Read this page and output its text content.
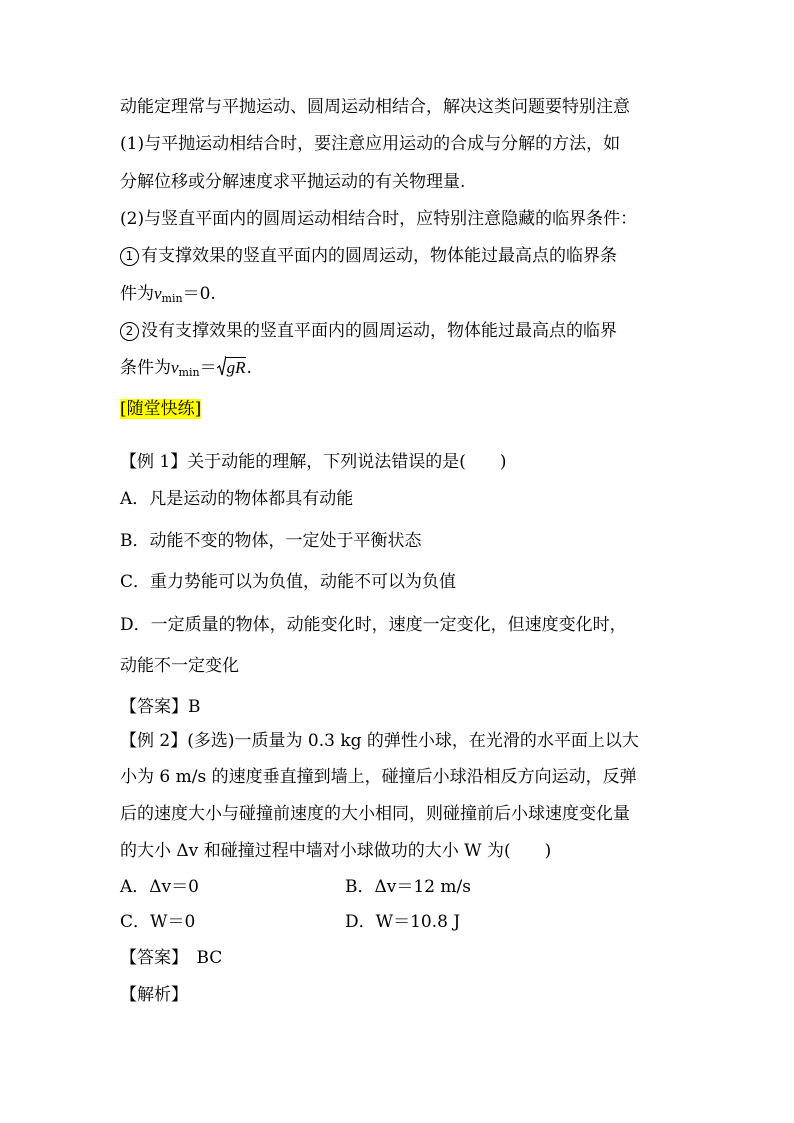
动能定理常与平抛运动、圆周运动相结合，解决这类问题要特别注意
(1)与平抛运动相结合时，要注意应用运动的合成与分解的方法，如
分解位移或分解速度求平抛运动的有关物理量.
(2)与竖直平面内的圆周运动相结合时，应特别注意隐藏的临界条件：
1 有支撑效果的竖直平面内的圆周运动，物体能过最高点的临界条
件为$v_{min}=0$.
2 没有支撑效果的竖直平面内的圆周运动，物体能过最高点的临界
条件为$v_{min}=$ gR.
[随堂快练]
【例 1】关于动能的理解，下列说法错误的是(　　)
A．凡是运动的物体都具有动能
B．动能不变的物体，一定处于平衡状态
C．重力势能可以为负值，动能不可以为负值
D．一定质量的物体，动能变化时，速度一定变化，但速度变化时，
动能不一定变化
【答案】B
【例 2】(多选)一质量为 0.3 kg 的弹性小球，在光滑的水平面上以大
小为 6 m/s 的速度垂直撞到墙上，碰撞后小球沿相反方向运动，反弹
后的速度大小与碰撞前速度的大小相同，则碰撞前后小球速度变化量
的大小 Δv 和碰撞过程中墙对小球做功的大小 W 为(　　)
A．Δv＝0	B．Δv＝12 m/s
C．W＝0	D．W＝10.8 J
【答案】　BC
【解析】
